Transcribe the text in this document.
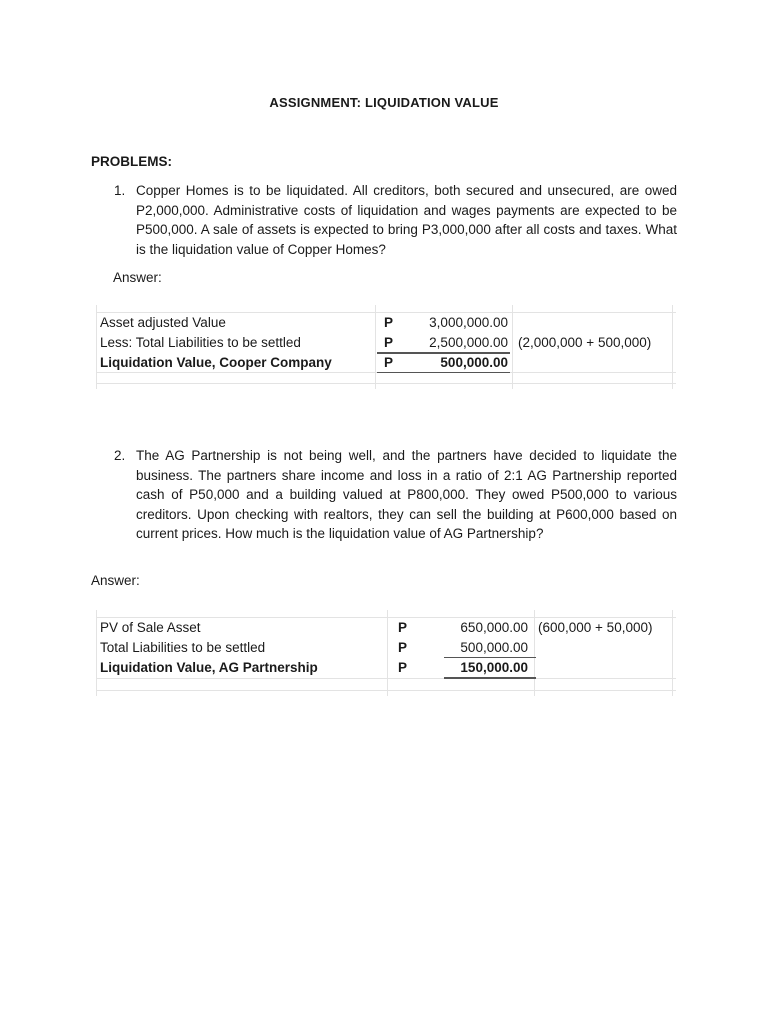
ASSIGNMENT: LIQUIDATION VALUE
PROBLEMS:
1. Copper Homes is to be liquidated. All creditors, both secured and unsecured, are owed P2,000,000. Administrative costs of liquidation and wages payments are expected to be P500,000. A sale of assets is expected to bring P3,000,000 after all costs and taxes. What is the liquidation value of Copper Homes?
Answer:
Asset adjusted Value	P	3,000,000.00
Less: Total Liabilities to be settled	P	2,500,000.00 (2,000,000 + 500,000)
Liquidation Value, Cooper Company	P	500,000.00
2. The AG Partnership is not being well, and the partners have decided to liquidate the business. The partners share income and loss in a ratio of 2:1 AG Partnership reported cash of P50,000 and a building valued at P800,000. They owed P500,000 to various creditors. Upon checking with realtors, they can sell the building at P600,000 based on current prices. How much is the liquidation value of AG Partnership?
Answer:
PV of Sale Asset	P	650,000.00 (600,000 + 50,000)
Total Liabilities to be settled	P	500,000.00
Liquidation Value, AG Partnership	P	150,000.00
